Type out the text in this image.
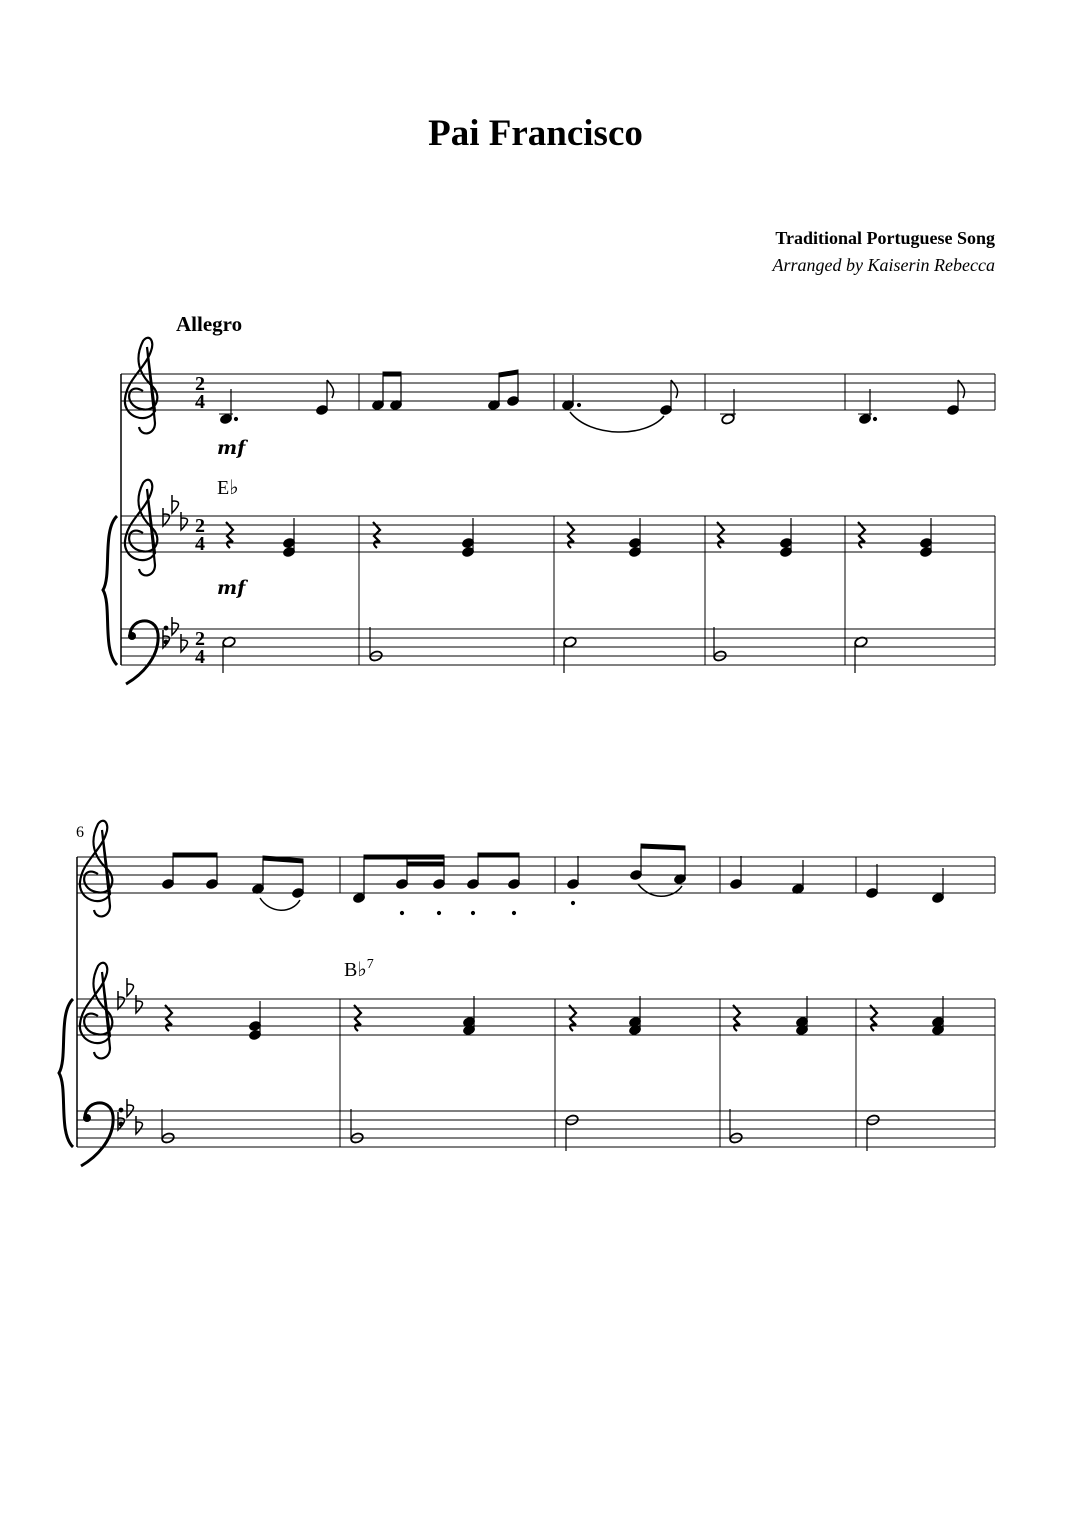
Pai Francisco
Traditional Portuguese Song
Arranged by Kaiserin Rebecca
Allegro
2
4
2
4
2
4
mf
mf
E♭
6
B♭$^7$
